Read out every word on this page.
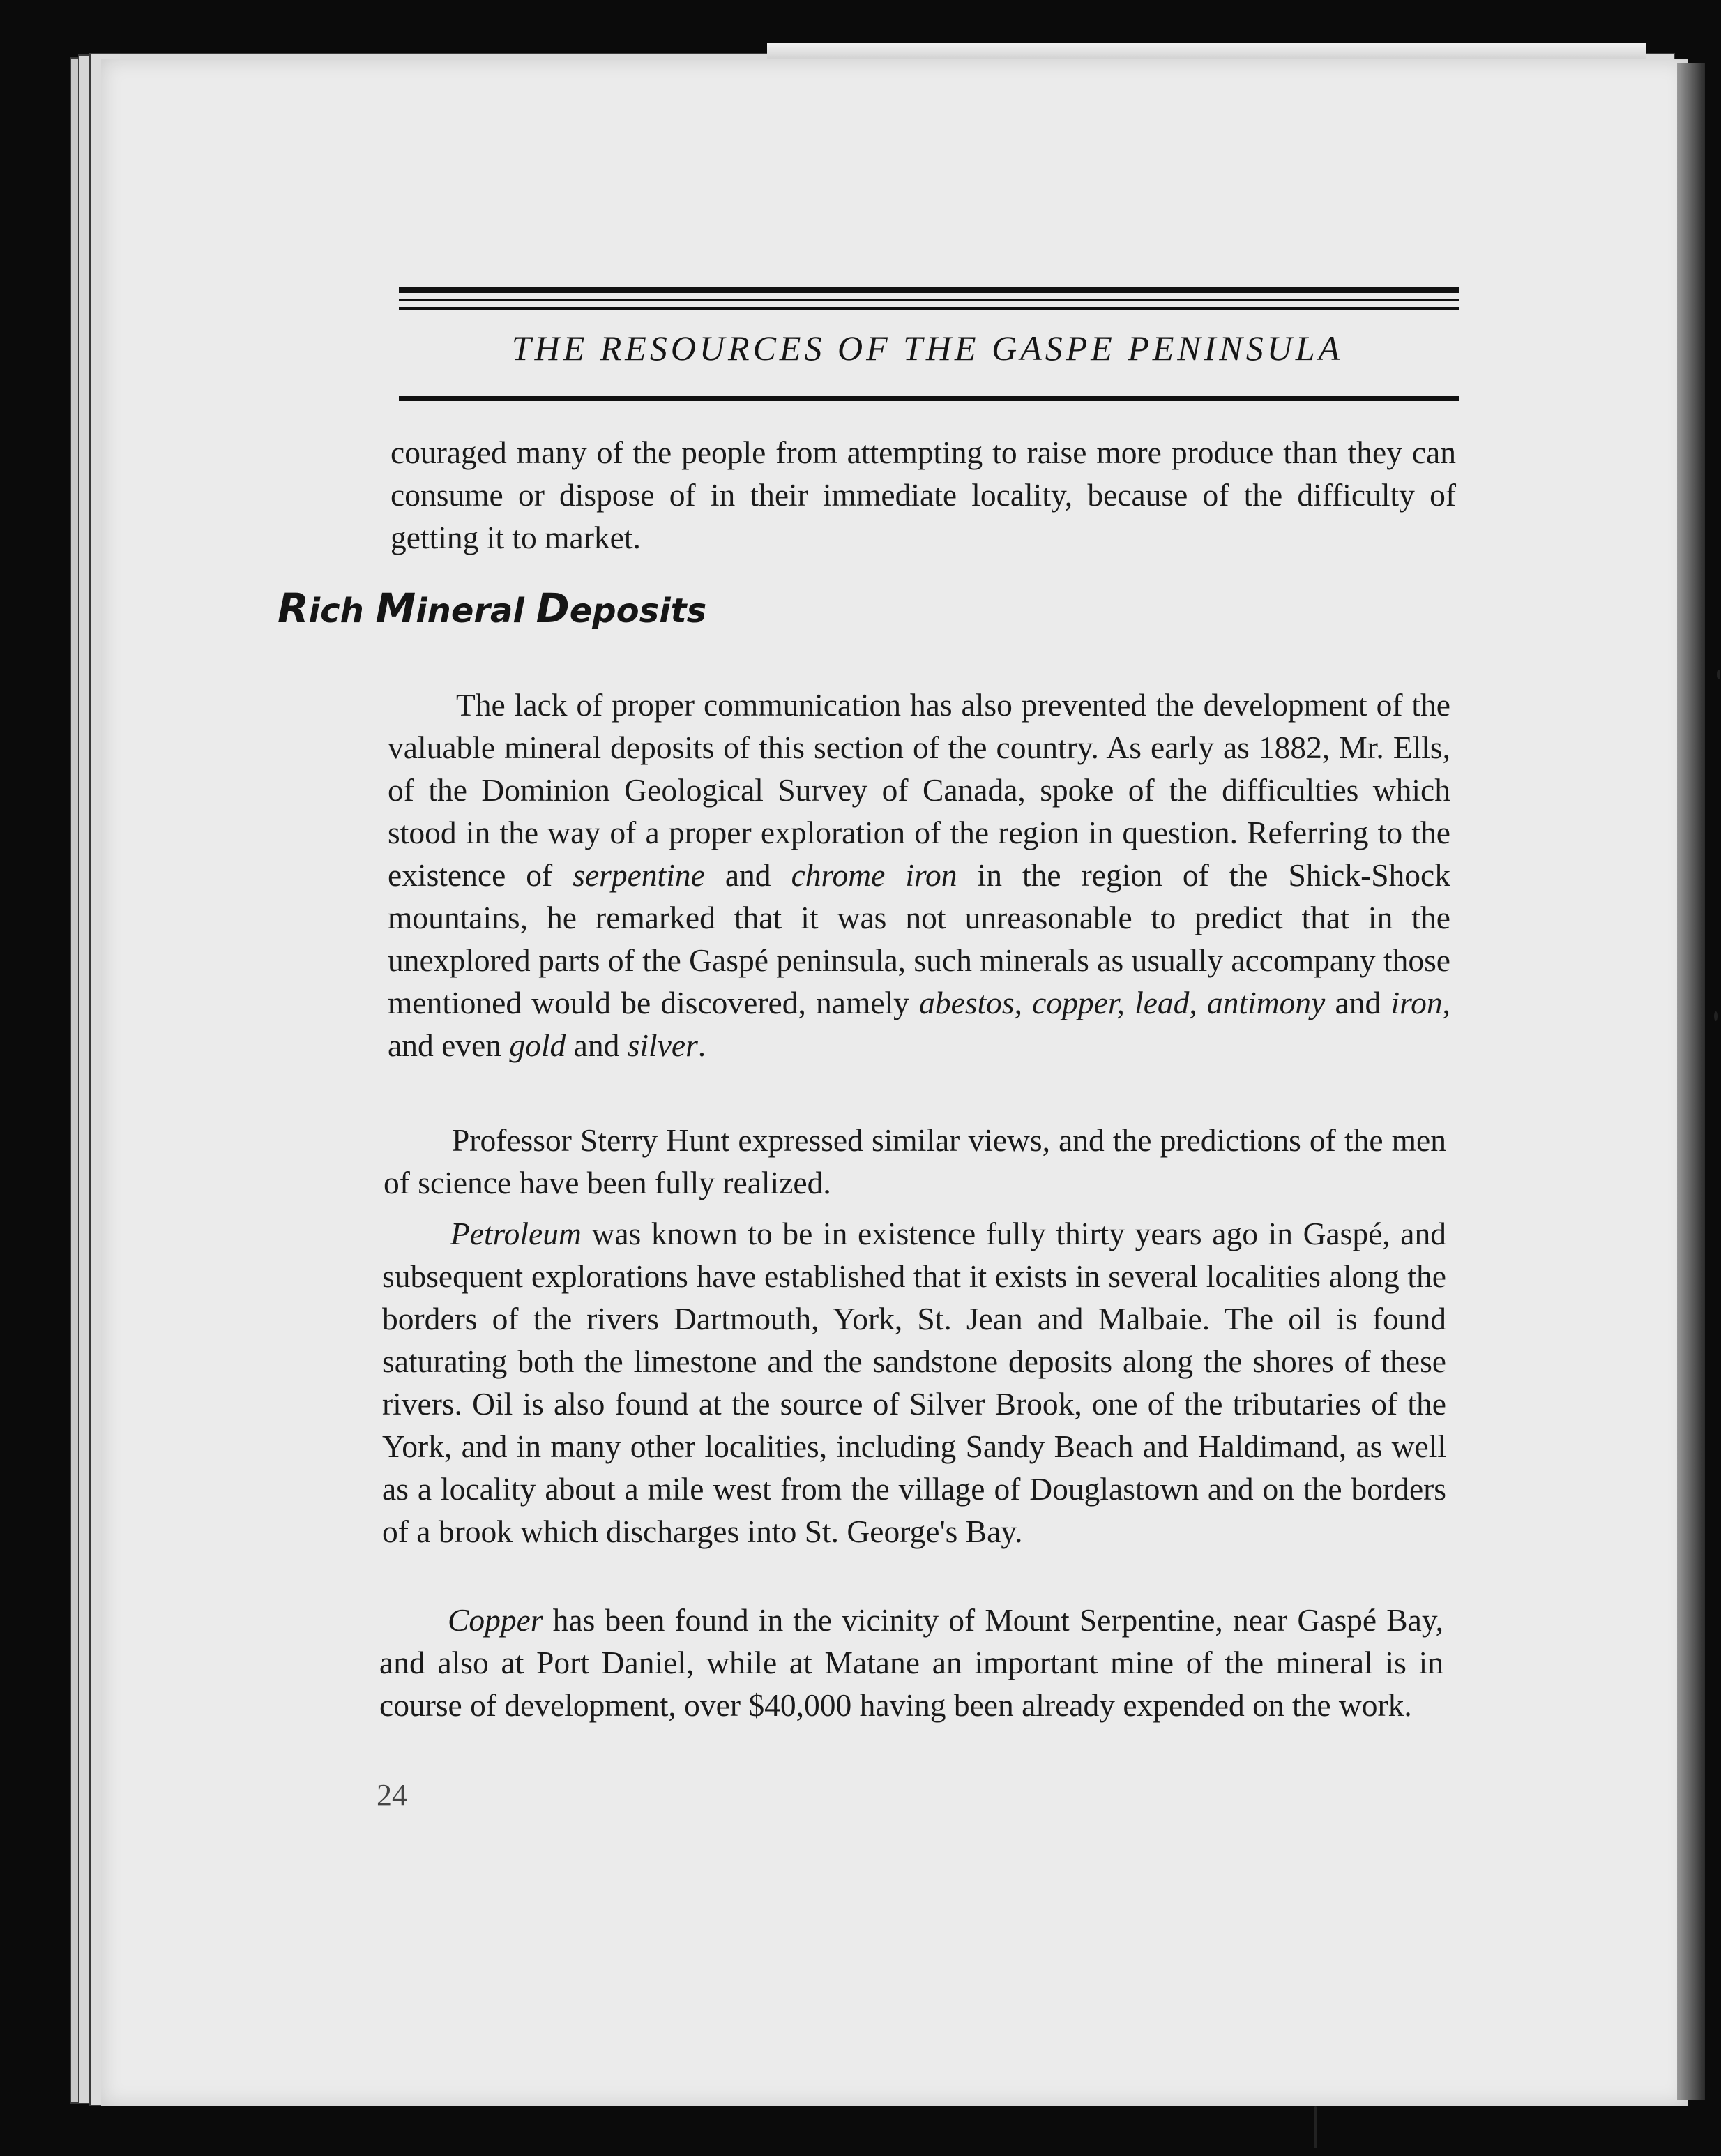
THE RESOURCES OF THE GASPE PENINSULA

couraged many of the people from attempting to raise more produce than they can consume or dispose of in their immediate locality, because of the difficulty of getting it to market.

Rich Mineral Deposits

The lack of proper communication has also prevented the development of the valuable mineral deposits of this section of the country. As early as 1882, Mr. Ells, of the Dominion Geological Survey of Canada, spoke of the difficulties which stood in the way of a proper exploration of the region in question. Referring to the existence of serpentine and chrome iron in the region of the Shick-Shock mountains, he remarked that it was not unreasonable to predict that in the unexplored parts of the Gaspé peninsula, such minerals as usually accompany those mentioned would be discovered, namely abestos, copper, lead, antimony and iron, and even gold and silver.

Professor Sterry Hunt expressed similar views, and the predictions of the men of science have been fully realized.

Petroleum was known to be in existence fully thirty years ago in Gaspé, and subsequent explorations have established that it exists in several localities along the borders of the rivers Dartmouth, York, St. Jean and Malbaie. The oil is found saturating both the limestone and the sandstone deposits along the shores of these rivers. Oil is also found at the source of Silver Brook, one of the tributaries of the York, and in many other localities, including Sandy Beach and Haldimand, as well as a locality about a mile west from the village of Douglastown and on the borders of a brook which discharges into St. George's Bay.

Copper has been found in the vicinity of Mount Serpentine, near Gaspé Bay, and also at Port Daniel, while at Matane an important mine of the mineral is in course of development, over $40,000 having been already expended on the work.

24
